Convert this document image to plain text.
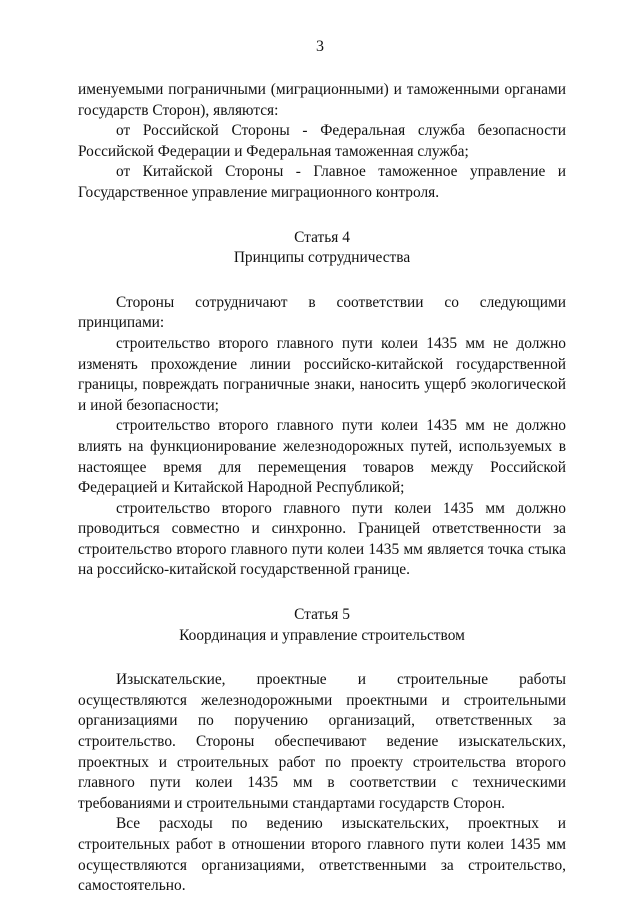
3

именуемыми пограничными (миграционными) и таможенными органами государств Сторон), являются:

от Российской Стороны - Федеральная служба безопасности Российской Федерации и Федеральная таможенная служба;

от Китайской Стороны - Главное таможенное управление и Государственное управление миграционного контроля.

Статья 4
Принципы сотрудничества

Стороны сотрудничают в соответствии со следующими принципами:

строительство второго главного пути колеи 1435 мм не должно изменять прохождение линии российско-китайской государственной границы, повреждать пограничные знаки, наносить ущерб экологической и иной безопасности;

строительство второго главного пути колеи 1435 мм не должно влиять на функционирование железнодорожных путей, используемых в настоящее время для перемещения товаров между Российской Федерацией и Китайской Народной Республикой;

строительство второго главного пути колеи 1435 мм должно проводиться совместно и синхронно. Границей ответственности за строительство второго главного пути колеи 1435 мм является точка стыка на российско-китайской государственной границе.

Статья 5
Координация и управление строительством

Изыскательские, проектные и строительные работы осуществляются железнодорожными проектными и строительными организациями по поручению организаций, ответственных за строительство. Стороны обеспечивают ведение изыскательских, проектных и строительных работ по проекту строительства второго главного пути колеи 1435 мм в соответствии с техническими требованиями и строительными стандартами государств Сторон.

Все расходы по ведению изыскательских, проектных и строительных работ в отношении второго главного пути колеи 1435 мм осуществляются организациями, ответственными за строительство, самостоятельно.
